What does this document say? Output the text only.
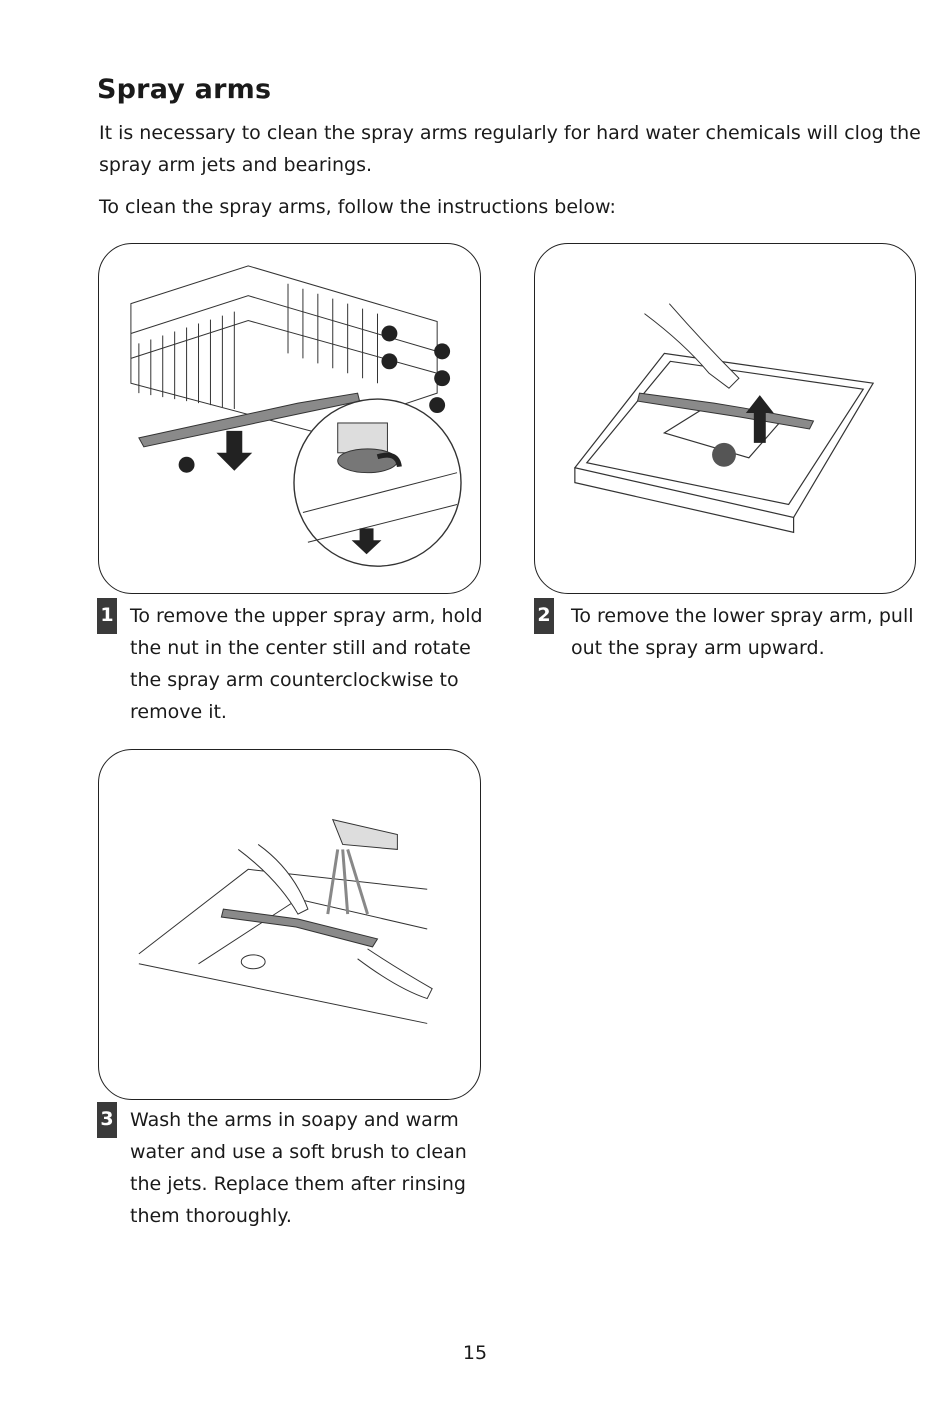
Spray arms

It is necessary to clean the spray arms regularly for hard water chemicals will clog the spray arm jets and bearings.

To clean the spray arms, follow the instructions below:

1 To remove the upper spray arm, hold the nut in the center still and rotate the spray arm counterclockwise to remove it.

2 To remove the lower spray arm, pull out the spray arm upward.

3 Wash the arms in soapy and warm water and use a soft brush to clean the jets. Replace them after rinsing them thoroughly.

15
